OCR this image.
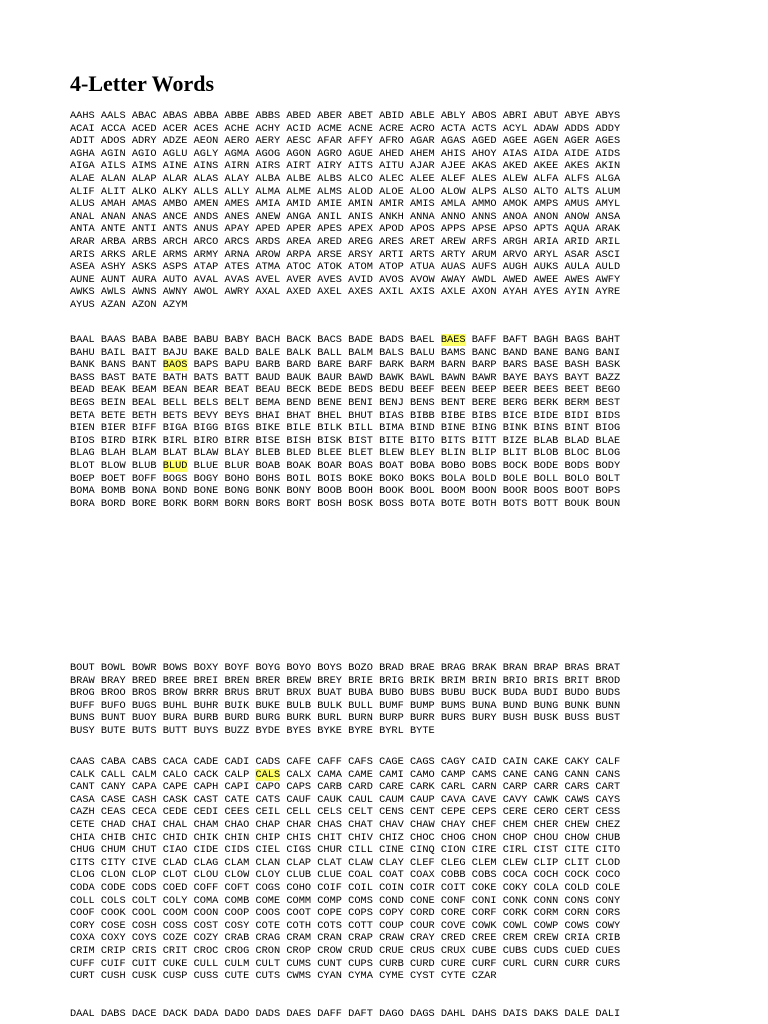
4-Letter Words
AAHS AALS ABAC ABAS ABBA ABBE ABBS ABED ABER ABET ABID ABLE ABLY ABOS ABRI ABUT ABYE ABYS
ACAI ACCA ACED ACER ACES ACHE ACHY ACID ACME ACNE ACRE ACRO ACTA ACTS ACYL ADAW ADDS ADDY
ADIT ADOS ADRY ADZE AEON AERO AERY AESC AFAR AFFY AFRO AGAR AGAS AGED AGEE AGEN AGER AGES
AGHA AGIN AGIO AGLU AGLY AGMA AGOG AGON AGRO AGUE AHED AHEM AHIS AHOY AIAS AIDA AIDE AIDS
AIGA AILS AIMS AINE AINS AIRN AIRS AIRT AIRY AITS AITU AJAR AJEE AKAS AKED AKEE AKES AKIN
ALAE ALAN ALAP ALAR ALAS ALAY ALBA ALBE ALBS ALCO ALEC ALEE ALEF ALES ALEW ALFA ALFS ALGA
ALIF ALIT ALKO ALKY ALLS ALLY ALMA ALME ALMS ALOD ALOE ALOO ALOW ALPS ALSO ALTO ALTS ALUM
ALUS AMAH AMAS AMBO AMEN AMES AMIA AMID AMIE AMIN AMIR AMIS AMLA AMMO AMOK AMPS AMUS AMYL
ANAL ANAN ANAS ANCE ANDS ANES ANEW ANGA ANIL ANIS ANKH ANNA ANNO ANNS ANOA ANON ANOW ANSA
ANTA ANTE ANTI ANTS ANUS APAY APED APER APES APEX APOD APOS APPS APSE APSO APTS AQUA ARAK
ARAR ARBA ARBS ARCH ARCO ARCS ARDS AREA ARED AREG ARES ARET AREW ARFS ARGH ARIA ARID ARIL
ARIS ARKS ARLE ARMS ARMY ARNA AROW ARPA ARSE ARSY ARTI ARTS ARTY ARUM ARVO ARYL ASAR ASCI
ASEA ASHY ASKS ASPS ATAP ATES ATMA ATOC ATOK ATOM ATOP ATUA AUAS AUFS AUGH AUKS AULA AULD
AUNE AUNT AURA AUTO AVAL AVAS AVEL AVER AVES AVID AVOS AVOW AWAY AWDL AWED AWEE AWES AWFY
AWKS AWLS AWNS AWNY AWOL AWRY AXAL AXED AXEL AXES AXIL AXIS AXLE AXON AYAH AYES AYIN AYRE
AYUS AZAN AZON AZYM
BAAL BAAS BABA BABE BABU BABY BACH BACK BACS BADE BADS BAEL BAES BAFF BAFT BAGH BAGS BAHT
BAHU BAIL BAIT BAJU BAKE BALD BALE BALK BALL BALM BALS BALU BAMS BANC BAND BANE BANG BANI
BANK BANS BANT BAOS BAPS BAPU BARB BARD BARE BARF BARK BARM BARN BARP BARS BASE BASH BASK
BASS BAST BATE BATH BATS BATT BAUD BAUK BAUR BAWD BAWK BAWL BAWN BAWR BAYE BAYS BAYT BAZZ
BEAD BEAK BEAM BEAN BEAR BEAT BEAU BECK BEDE BEDS BEDU BEEF BEEN BEEP BEER BEES BEET BEGO
BEGS BEIN BEAL BELL BELS BELT BEMA BEND BENE BENI BENJ BENS BENT BERE BERG BERK BERM BEST
BETA BETE BETH BETS BEVY BEYS BHAI BHAT BHEL BHUT BIAS BIBB BIBE BIBS BICE BIDE BIDI BIDS
BIEN BIER BIFF BIGA BIGG BIGS BIKE BILE BILK BILL BIMA BIND BINE BING BINK BINS BINT BIOG
BIOS BIRD BIRK BIRL BIRO BIRR BISE BISH BISK BIST BITE BITO BITS BITT BIZE BLAB BLAD BLAE
BLAG BLAH BLAM BLAT BLAW BLAY BLEB BLED BLEE BLET BLEW BLEY BLIN BLIP BLIT BLOB BLOC BLOG
BLOT BLOW BLUB BLUD BLUE BLUR BOAB BOAK BOAR BOAS BOAT BOBA BOBO BOBS BOCK BODE BODS BODY
BOEP BOET BOFF BOGS BOGY BOHO BOHS BOIL BOIS BOKE BOKO BOKS BOLA BOLD BOLE BOLL BOLO BOLT
BOMA BOMB BONA BOND BONE BONG BONK BONY BOOB BOOH BOOK BOOL BOOM BOON BOOR BOOS BOOT BOPS
BORA BORD BORE BORK BORM BORN BORS BORT BOSH BOSK BOSS BOTA BOTE BOTH BOTS BOTT BOUK BOUN
BOUT BOWL BOWR BOWS BOXY BOYF BOYG BOYO BOYS BOZO BRAD BRAE BRAG BRAK BRAN BRAP BRAS BRAT
BRAW BRAY BRED BREE BREI BREN BRER BREW BREY BRIE BRIG BRIK BRIM BRIN BRIO BRIS BRIT BROD
BROG BROO BROS BROW BRRR BRUS BRUT BRUX BUAT BUBA BUBO BUBS BUBU BUCK BUDA BUDI BUDO BUDS
BUFF BUFO BUGS BUHL BUHR BUIK BUKE BULB BULK BULL BUMF BUMP BUMS BUNA BUND BUNG BUNK BUNN
BUNS BUNT BUOY BURA BURB BURD BURG BURK BURL BURN BURP BURR BURS BURY BUSH BUSK BUSS BUST
BUSY BUTE BUTS BUTT BUYS BUZZ BYDE BYES BYKE BYRE BYRL BYTE
CAAS CABA CABS CACA CADE CADI CADS CAFE CAFF CAFS CAGE CAGS CAGY CAID CAIN CAKE CAKY CALF
CALK CALL CALM CALO CACK CALP CALS CALX CAMA CAME CAMI CAMO CAMP CAMS CANE CANG CANN CANS
CANT CANY CAPA CAPE CAPH CAPI CAPO CAPS CARB CARD CARE CARK CARL CARN CARP CARR CARS CART
CASA CASE CASH CASK CAST CATE CATS CAUF CAUK CAUL CAUM CAUP CAVA CAVE CAVY CAWK CAWS CAYS
CAZH CEAS CECA CEDE CEDI CEES CEIL CELL CELS CELT CENS CENT CEPE CEPS CERE CERO CERT CESS
CETE CHAD CHAI CHAL CHAM CHAO CHAP CHAR CHAS CHAT CHAV CHAW CHAY CHEF CHEM CHER CHEW CHEZ
CHIA CHIB CHIC CHID CHIK CHIN CHIP CHIS CHIT CHIV CHIZ CHOC CHOG CHON CHOP CHOU CHOW CHUB
CHUG CHUM CHUT CIAO CIDE CIDS CIEL CIGS CHUR CILL CINE CINQ CION CIRE CIRL CIST CITE CITO
CITS CITY CIVE CLAD CLAG CLAM CLAN CLAP CLAT CLAW CLAY CLEF CLEG CLEM CLEW CLIP CLIT CLOD
CLOG CLON CLOP CLOT CLOU CLOW CLOY CLUB CLUE COAL COAT COAX COBB COBS COCA COCH COCK COCO
CODA CODE CODS COED COFF COFT COGS COHO COIF COIL COIN COIR COIT COKE COKY COLA COLD COLE
COLL COLS COLT COLY COMA COMB COME COMM COMP COMS COND CONE CONF CONI CONK CONN CONS CONY
COOF COOK COOL COOM COON COOP COOS COOT COPE COPS COPY CORD CORE CORF CORK CORM CORN CORS
CORY COSE COSH COSS COST COSY COTE COTH COTS COTT COUP COUR COVE COWK COWL COWP COWS COWY
COXA COXY COYS COZE COZY CRAB CRAG CRAM CRAN CRAP CRAW CRAY CRED CREE CREM CREW CRIA CRIB
CRIM CRIP CRIS CRIT CROC CROG CRON CROP CROW CRUD CRUE CRUS CRUX CUBE CUBS CUDS CUED CUES
CUFF CUIF CUIT CUKE CULL CULM CULT CUMS CUNT CUPS CURB CURD CURE CURF CURL CURN CURR CURS
CURT CUSH CUSK CUSP CUSS CUTE CUTS CWMS CYAN CYMA CYME CYST CYTE CZAR
DAAL DABS DACE DACK DADA DADO DADS DAES DAFF DAFT DAGO DAGS DAHL DAHS DAIS DAKS DALE DALI
